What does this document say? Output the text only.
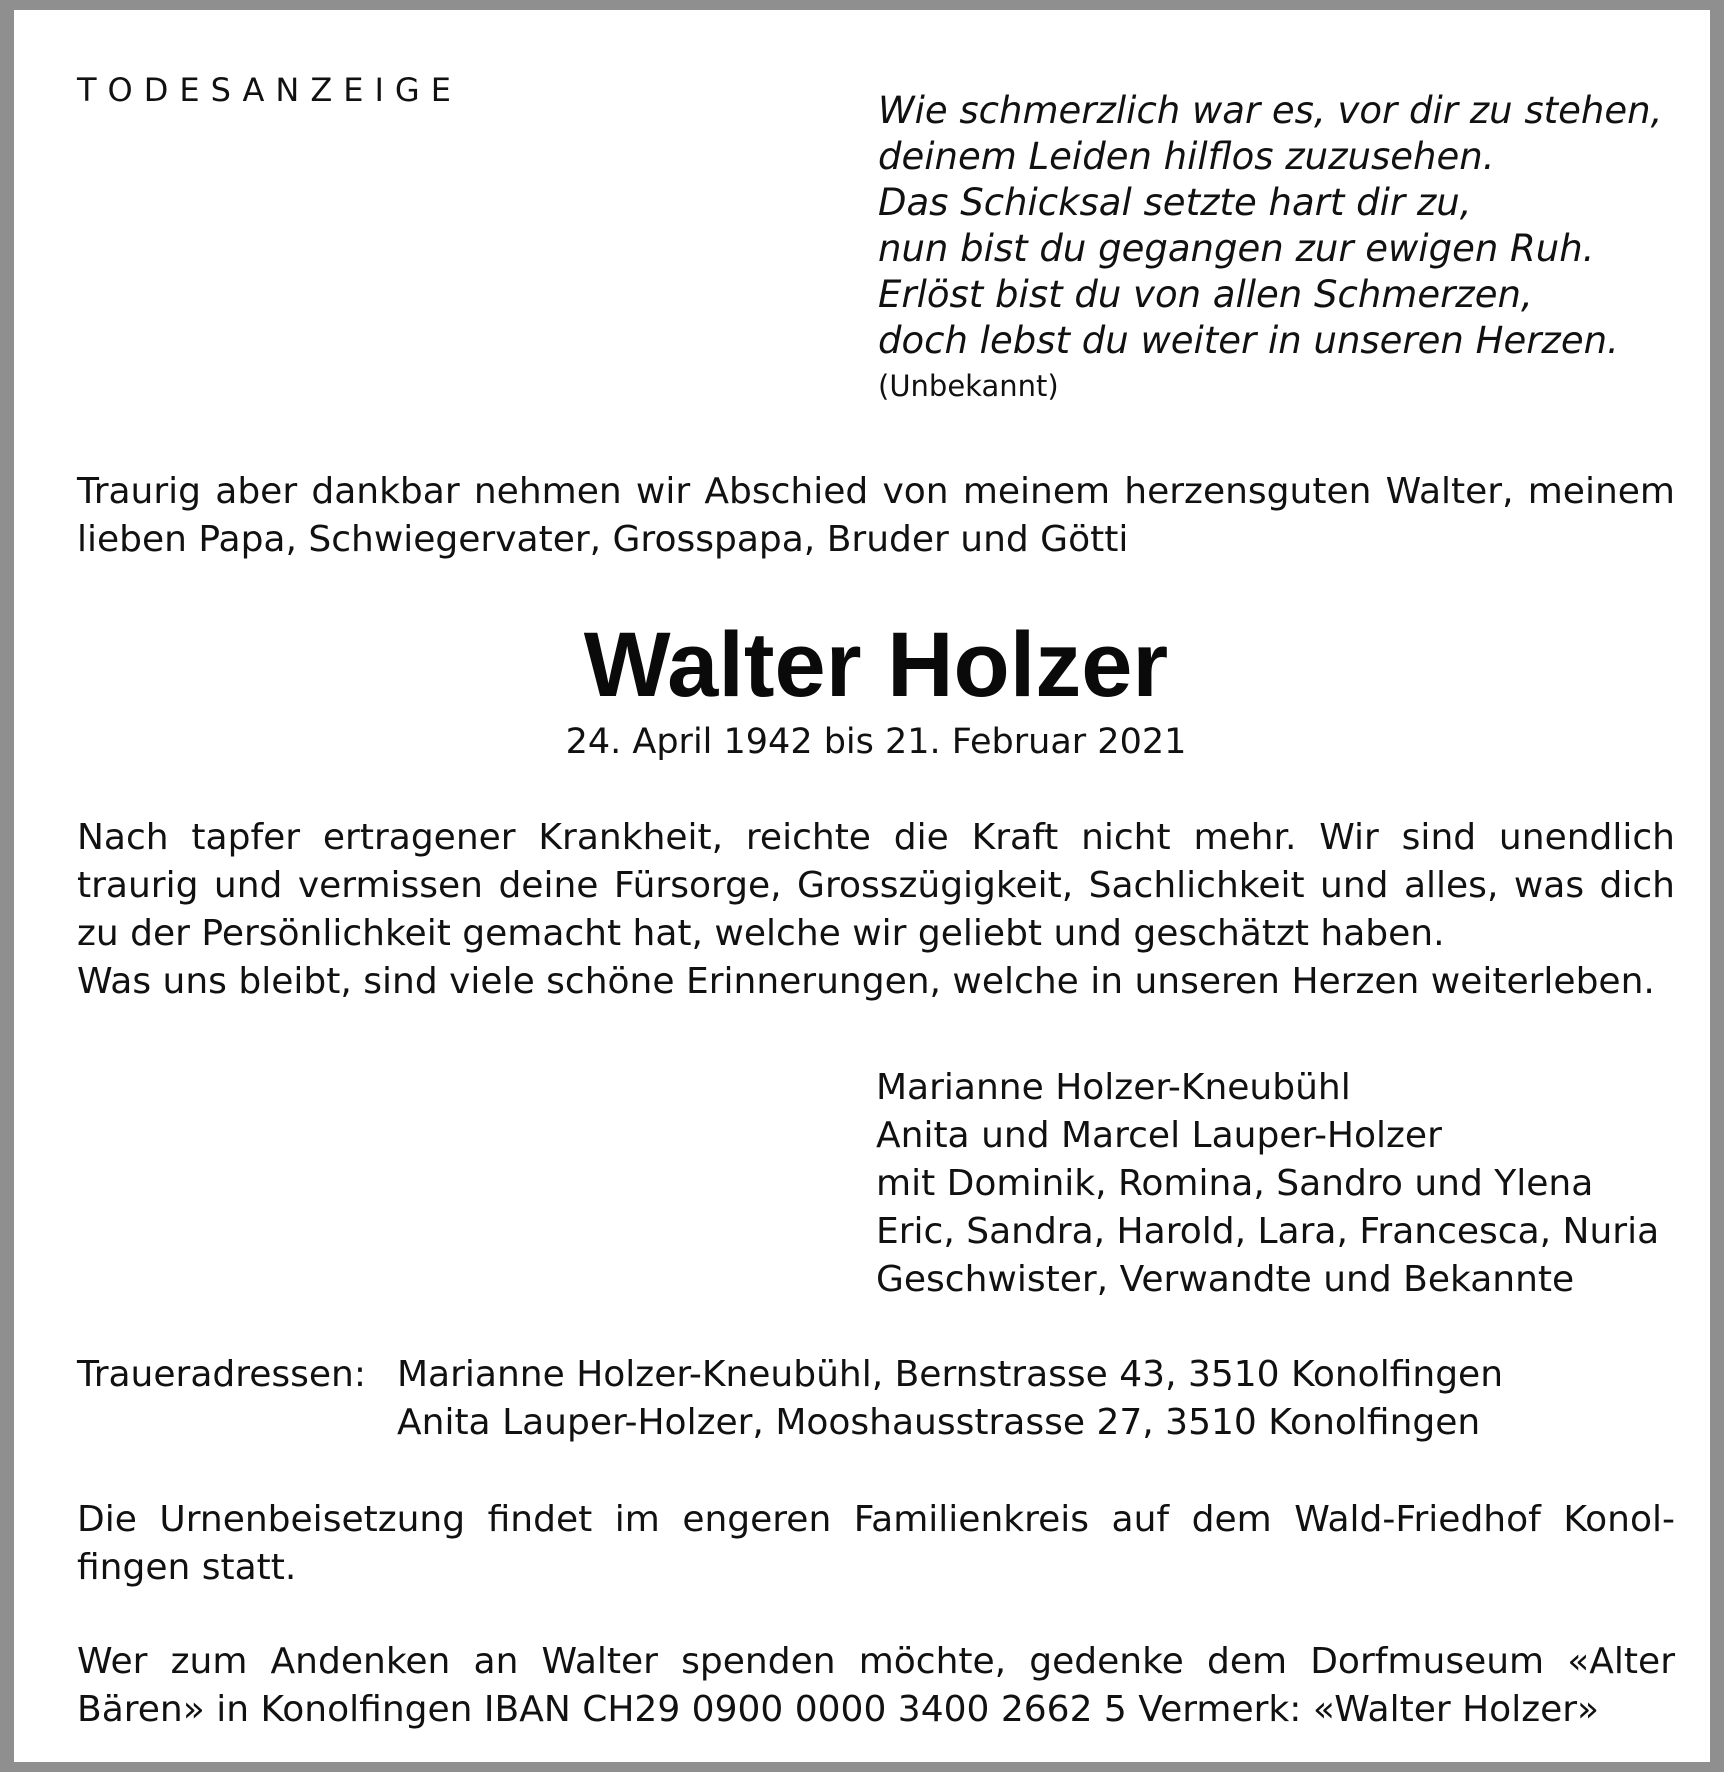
TODESANZEIGE	Wie schmerzlich war es, vor dir zu stehen,
deinem Leiden hilflos zuzusehen.
Das Schicksal setzte hart dir zu,
nun bist du gegangen zur ewigen Ruh.
Erlöst bist du von allen Schmerzen,
doch lebst du weiter in unseren Herzen.
(Unbekannt)
Traurig aber dankbar nehmen wir Abschied von meinem herzensguten Walter, meinem
lieben Papa, Schwiegervater, Grosspapa, Bruder und Götti
Walter Holzer
24. April 1942 bis 21. Februar 2021
Nach tapfer ertragener Krankheit, reichte die Kraft nicht mehr. Wir sind unendlich
traurig und vermissen deine Fürsorge, Grosszügigkeit, Sachlichkeit und alles, was dich
zu der Persönlichkeit gemacht hat, welche wir geliebt und geschätzt haben.
Was uns bleibt, sind viele schöne Erinnerungen, welche in unseren Herzen weiterleben.
Marianne Holzer-Kneubühl
Anita und Marcel Lauper-Holzer
mit Dominik, Romina, Sandro und Ylena
Eric, Sandra, Harold, Lara, Francesca, Nuria
Geschwister, Verwandte und Bekannte
Traueradressen: Marianne Holzer-Kneubühl, Bernstrasse 43, 3510 Konolfingen
Anita Lauper-Holzer, Mooshausstrasse 27, 3510 Konolfingen
Die Urnenbeisetzung findet im engeren Familienkreis auf dem Wald-Friedhof Konol-
fingen statt.
Wer zum Andenken an Walter spenden möchte, gedenke dem Dorfmuseum «Alter
Bären» in Konolfingen IBAN CH29 0900 0000 3400 2662 5 Vermerk: «Walter Holzer»
